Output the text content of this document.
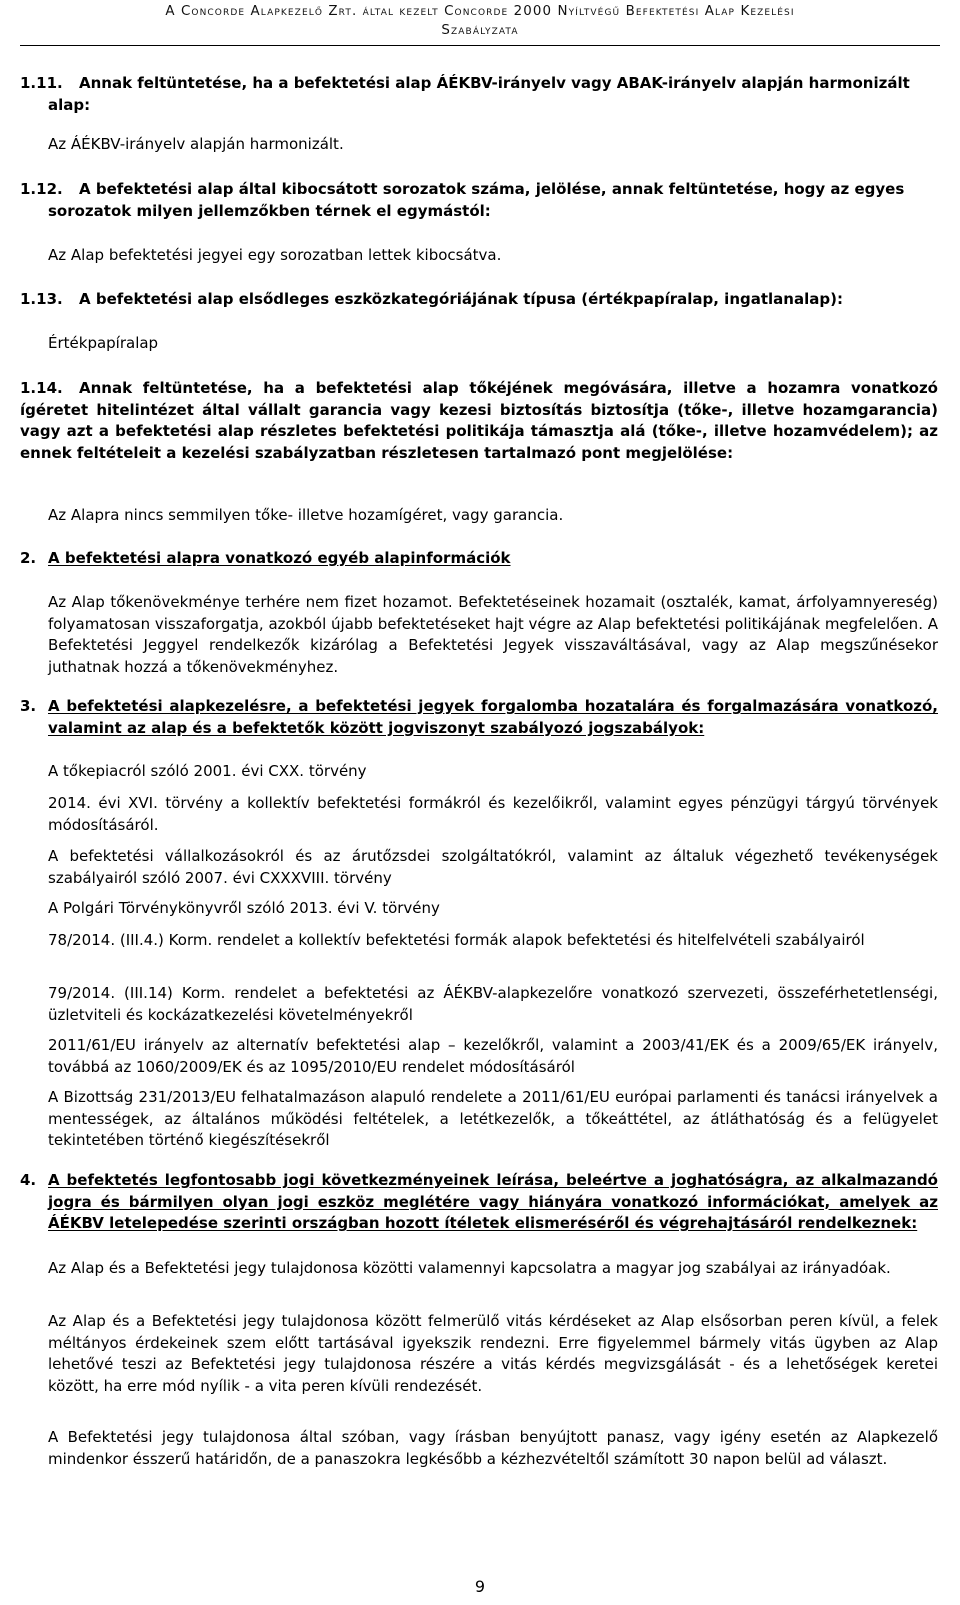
A Concorde Alapkezelő Zrt. által kezelt Concorde 2000 Nyíltvégű Befektetési Alap Kezelési
Szabályzata
1.11.	Annak feltüntetése, ha a befektetési alap ÁÉKBV-irányelv vagy ABAK-irányelv alapján harmonizált alap:
Az ÁÉKBV-irányelv alapján harmonizált.
1.12.	A befektetési alap által kibocsátott sorozatok száma, jelölése, annak feltüntetése, hogy az egyes sorozatok milyen jellemzőkben térnek el egymástól:
Az Alap befektetési jegyei egy sorozatban lettek kibocsátva.
1.13. A befektetési alap elsődleges eszközkategóriájának típusa (értékpapíralap, ingatlanalap):
Értékpapíralap
1.14.	Annak feltüntetése, ha a befektetési alap tőkéjének megóvására, illetve a hozamra vonatkozó ígéretet hitelintézet által vállalt garancia vagy kezesi biztosítás biztosítja (tőke-, illetve hozamgarancia) vagy azt a befektetési alap részletes befektetési politikája támasztja alá (tőke-, illetve hozamvédelem); az ennek feltételeit a kezelési szabályzatban részletesen tartalmazó pont megjelölése:
Az Alapra nincs semmilyen tőke- illetve hozamígéret, vagy garancia.
2. A befektetési alapra vonatkozó egyéb alapinformációk
Az Alap tőkenövekménye terhére nem fizet hozamot. Befektetéseinek hozamait (osztalék, kamat, árfolyamnyereség) folyamatosan visszaforgatja, azokból újabb befektetéseket hajt végre az Alap befektetési politikájának megfelelően. A Befektetési Jeggyel rendelkezők kizárólag a Befektetési Jegyek visszaváltásával, vagy az Alap megszűnésekor juthatnak hozzá a tőkenövekményhez.
3. A befektetési alapkezelésre, a befektetési jegyek forgalomba hozatalára és forgalmazására vonatkozó, valamint az alap és a befektetők között jogviszonyt szabályozó jogszabályok:
A tőkepiacról szóló 2001. évi CXX. törvény
2014. évi XVI. törvény a kollektív befektetési formákról és kezelőikről, valamint egyes pénzügyi tárgyú törvények módosításáról.
A befektetési vállalkozásokról és az árutőzsdei szolgáltatókról, valamint az általuk végezhető tevékenységek szabályairól szóló 2007. évi CXXXVIII. törvény
A Polgári Törvénykönyvről szóló 2013. évi V. törvény
78/2014. (III.4.) Korm. rendelet a kollektív befektetési formák alapok befektetési és hitelfelvételi szabályairól
79/2014. (III.14) Korm. rendelet a befektetési az ÁÉKBV-alapkezelőre vonatkozó szervezeti, összeférhetetlenségi, üzletviteli és kockázatkezelési követelményekről
2011/61/EU irányelv az alternatív befektetési alap – kezelőkről, valamint a 2003/41/EK és a 2009/65/EK irányelv, továbbá az 1060/2009/EK és az 1095/2010/EU rendelet módosításáról
A Bizottság 231/2013/EU felhatalmazáson alapuló rendelete a 2011/61/EU európai parlamenti és tanácsi irányelvek a mentességek, az általános működési feltételek, a letétkezelők, a tőkeáttétel, az átláthatóság és a felügyelet tekintetében történő kiegészítésekről
4. A befektetés legfontosabb jogi következményeinek leírása, beleértve a joghatóságra, az alkalmazandó jogra és bármilyen olyan jogi eszköz meglétére vagy hiányára vonatkozó információkat, amelyek az ÁÉKBV letelepedése szerinti országban hozott ítéletek elismeréséről és végrehajtásáról rendelkeznek:
Az Alap és a Befektetési jegy tulajdonosa közötti valamennyi kapcsolatra a magyar jog szabályai az irányadóak.
Az Alap és a Befektetési jegy tulajdonosa között felmerülő vitás kérdéseket az Alap elsősorban peren kívül, a felek méltányos érdekeinek szem előtt tartásával igyekszik rendezni. Erre figyelemmel bármely vitás ügyben az Alap lehetővé teszi az Befektetési jegy tulajdonosa részére a vitás kérdés megvizsgálását - és a lehetőségek keretei között, ha erre mód nyílik - a vita peren kívüli rendezését.
A Befektetési jegy tulajdonosa által szóban, vagy írásban benyújtott panasz, vagy igény esetén az Alapkezelő mindenkor ésszerű határidőn, de a panaszokra legkésőbb a kézhezvételtől számított 30 napon belül ad választ.
9
